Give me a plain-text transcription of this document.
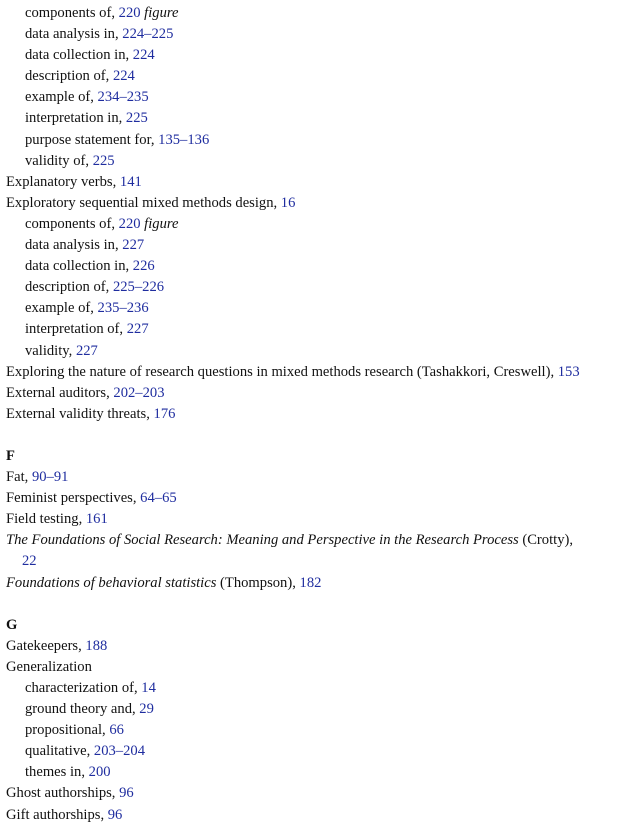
components of, 220 figure
data analysis in, 224–225
data collection in, 224
description of, 224
example of, 234–235
interpretation in, 225
purpose statement for, 135–136
validity of, 225
Explanatory verbs, 141
Exploratory sequential mixed methods design, 16
components of, 220 figure
data analysis in, 227
data collection in, 226
description of, 225–226
example of, 235–236
interpretation of, 227
validity, 227
Exploring the nature of research questions in mixed methods research (Tashakkori, Creswell), 153
External auditors, 202–203
External validity threats, 176
F
Fat, 90–91
Feminist perspectives, 64–65
Field testing, 161
The Foundations of Social Research: Meaning and Perspective in the Research Process (Crotty),
22
Foundations of behavioral statistics (Thompson), 182
G
Gatekeepers, 188
Generalization
characterization of, 14
ground theory and, 29
propositional, 66
qualitative, 203–204
themes in, 200
Ghost authorships, 96
Gift authorships, 96
